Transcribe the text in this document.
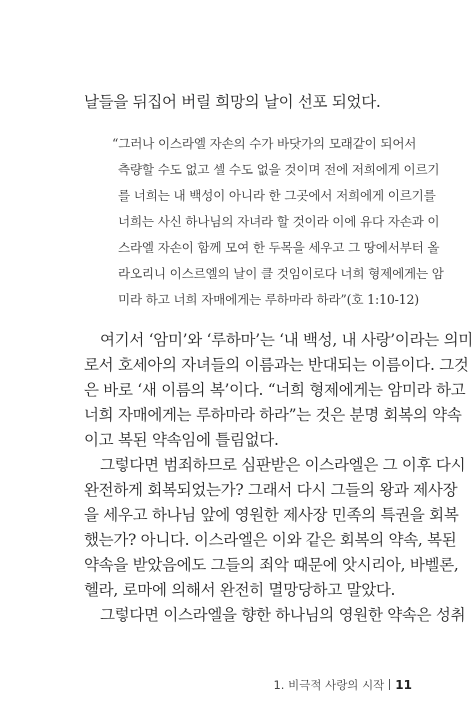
날들을 뒤집어 버릴 희망의 날이 선포 되었다.
“그러나 이스라엘 자손의 수가 바닷가의 모래같이 되어서
측량할 수도 없고 셀 수도 없을 것이며 전에 저희에게 이르기
를 너희는 내 백성이 아니라 한 그곳에서 저희에게 이르기를
너희는 사신 하나님의 자녀라 할 것이라 이에 유다 자손과 이
스라엘 자손이 함께 모여 한 두목을 세우고 그 땅에서부터 올
라오리니 이스르엘의 날이 클 것임이로다 너희 형제에게는 암
미라 하고 너희 자매에게는 루하마라 하라”(호 1:10-12)
여기서 ‘암미’와 ‘루하마’는 ‘내 백성, 내 사랑’이라는 의미
로서 호세아의 자녀들의 이름과는 반대되는 이름이다. 그것
은 바로 ‘새 이름의 복’이다. “너희 형제에게는 암미라 하고
너희 자매에게는 루하마라 하라”는 것은 분명 회복의 약속
이고 복된 약속임에 틀림없다.
그렇다면 범죄하므로 심판받은 이스라엘은 그 이후 다시
완전하게 회복되었는가? 그래서 다시 그들의 왕과 제사장
을 세우고 하나님 앞에 영원한 제사장 민족의 특권을 회복
했는가? 아니다. 이스라엘은 이와 같은 회복의 약속, 복된
약속을 받았음에도 그들의 죄악 때문에 앗시리아, 바벨론,
헬라, 로마에 의해서 완전히 멸망당하고 말았다.
그렇다면 이스라엘을 향한 하나님의 영원한 약속은 성취
1. 비극적 사랑의 시작 11
